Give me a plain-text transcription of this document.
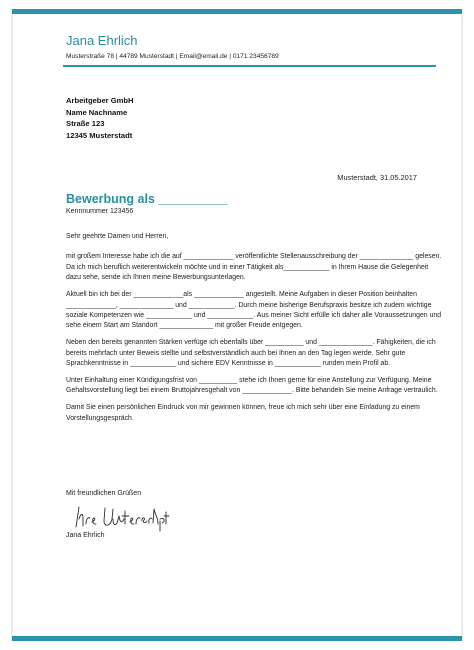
Jana Ehrlich
Musterstraße 78 | 44789 Musterstadt | Email@email.de | 0171 23456789
Arbeitgeber GmbH
Name Nachname
Straße 123
12345 Musterstadt
Musterstadt, 31.05.2017
Bewerbung als __________
Kennnummer 123456
Sehr geehrte Damen und Herren,

mit großem Interesse habe ich die auf _____________ veröffentlichte Stellenausschreibung der ______________ gelesen. Da ich mich beruflich weiterentwickeln möchte und in einer Tätigkeit als____________ in Ihrem Hause die Gelegenheit dazu sehe, sende ich Ihnen meine Bewerbungsunterlagen.

Aktuell bin ich bei der _____________als _____________ angestellt. Meine Aufgaben in dieser Position beinhalten _____________, ______________ und ____________. Durch meine bisherige Berufspraxis besitze ich zudem wichtige soziale Kompetenzen wie ____________ und ____________. Aus meiner Sicht erfülle ich daher alle Voraussetzungen und sehe einem Start am Standort ______________ mit großer Freude entgegen.

Neben den bereits genannten Stärken verfüge ich ebenfalls über __________ und ______________. Fähigkeiten, die ich bereits mehrfach unter Beweis stellte und selbstverständlich auch bei Ihnen an den Tag legen werde. Sehr gute Sprachkenntnisse in ____________ und sichere EDV Kenntnisse in ____________ runden mein Profil ab.

Unter Einhaltung einer Kündigungsfrist von __________ stehe ich Ihnen gerne für eine Anstellung zur Verfügung. Meine Gehaltsvorstellung liegt bei einem Bruttojahresgehalt von _____________. Bitte behandeln Sie meine Anfrage vertraulich.

Damit Sie einen persönlichen Eindruck von mir gewinnen können, freue ich mich sehr über eine Einladung zu einem Vorstellungsgespräch.

Mit freundlichen Grüßen
Jana Ehrlich
